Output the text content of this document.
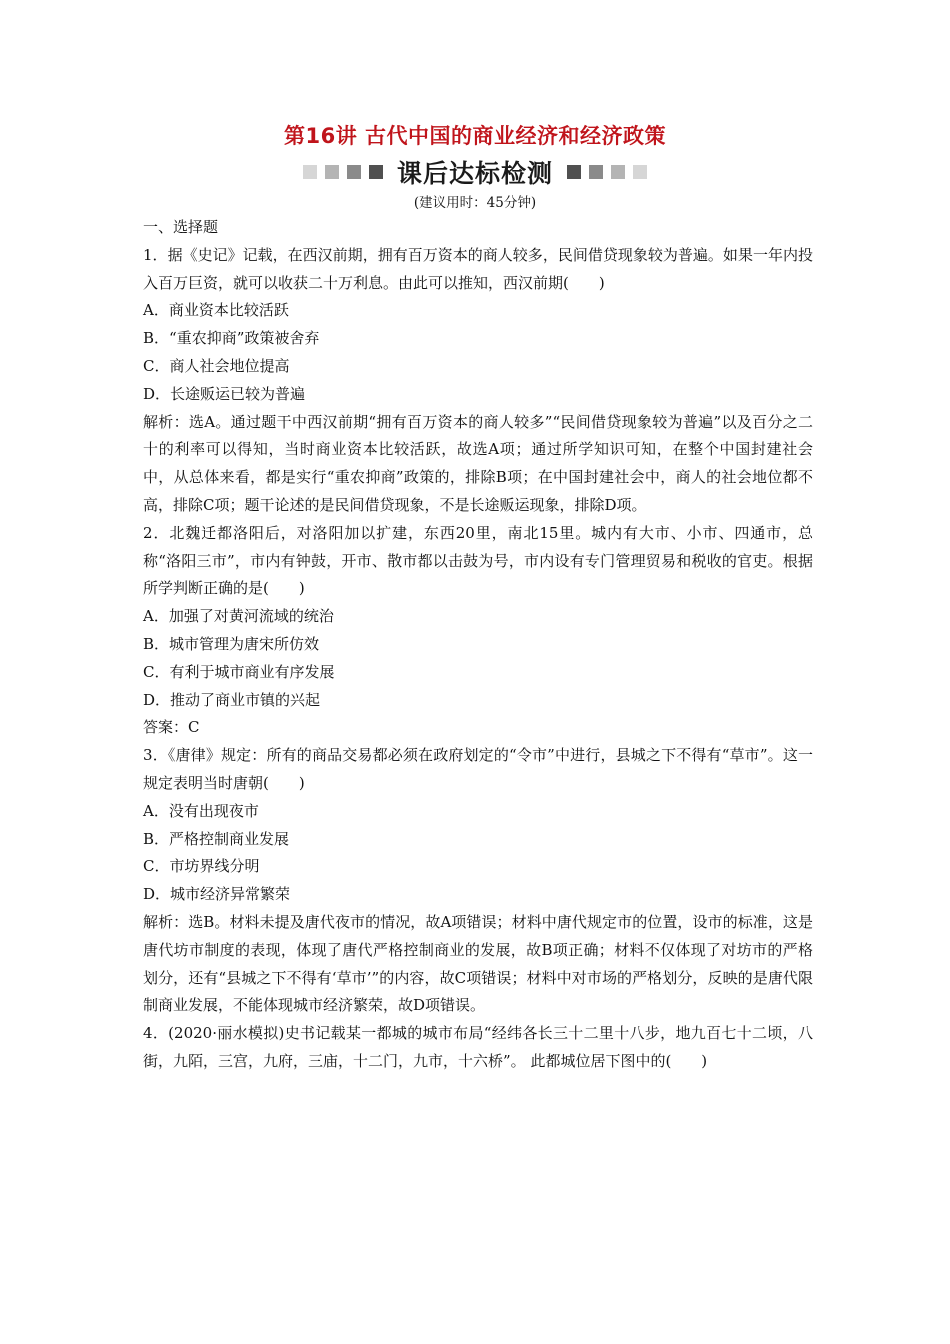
第16讲 古代中国的商业经济和经济政策
课后达标检测
(建议用时：45分钟)

一、选择题

1．据《史记》记载，在西汉前期，拥有百万资本的商人较多，民间借贷现象较为普遍。如果一年内投入百万巨资，就可以收获二十万利息。由此可以推知，西汉前期(　　)

A．商业资本比较活跃

B．“重农抑商”政策被舍弃

C．商人社会地位提高

D．长途贩运已较为普遍

解析：选A。通过题干中西汉前期“拥有百万资本的商人较多”“民间借贷现象较为普遍”以及百分之二十的利率可以得知，当时商业资本比较活跃，故选A项；通过所学知识可知，在整个中国封建社会中，从总体来看，都是实行“重农抑商”政策的，排除B项；在中国封建社会中，商人的社会地位都不高，排除C项；题干论述的是民间借贷现象，不是长途贩运现象，排除D项。

2．北魏迁都洛阳后，对洛阳加以扩建，东西20里，南北15里。城内有大市、小市、四通市，总称“洛阳三市”，市内有钟鼓，开市、散市都以击鼓为号，市内设有专门管理贸易和税收的官吏。根据所学判断正确的是(　　)

A．加强了对黄河流域的统治

B．城市管理为唐宋所仿效

C．有利于城市商业有序发展

D．推动了商业市镇的兴起

答案：C

3．《唐律》规定：所有的商品交易都必须在政府划定的“令市”中进行，县城之下不得有“草市”。这一规定表明当时唐朝(　　)

A．没有出现夜市

B．严格控制商业发展

C．市坊界线分明

D．城市经济异常繁荣

解析：选B。材料未提及唐代夜市的情况，故A项错误；材料中唐代规定市的位置，设市的标准，这是唐代坊市制度的表现，体现了唐代严格控制商业的发展，故B项正确；材料不仅体现了对坊市的严格划分，还有“县城之下不得有‘草市’”的内容，故C项错误；材料中对市场的严格划分，反映的是唐代限制商业发展，不能体现城市经济繁荣，故D项错误。

4．(2020·丽水模拟)史书记载某一都城的城市布局“经纬各长三十二里十八步，地九百七十二顷，八街，九陌，三宫，九府，三庙，十二门，九市，十六桥”。 此都城位居下图中的(　　)
